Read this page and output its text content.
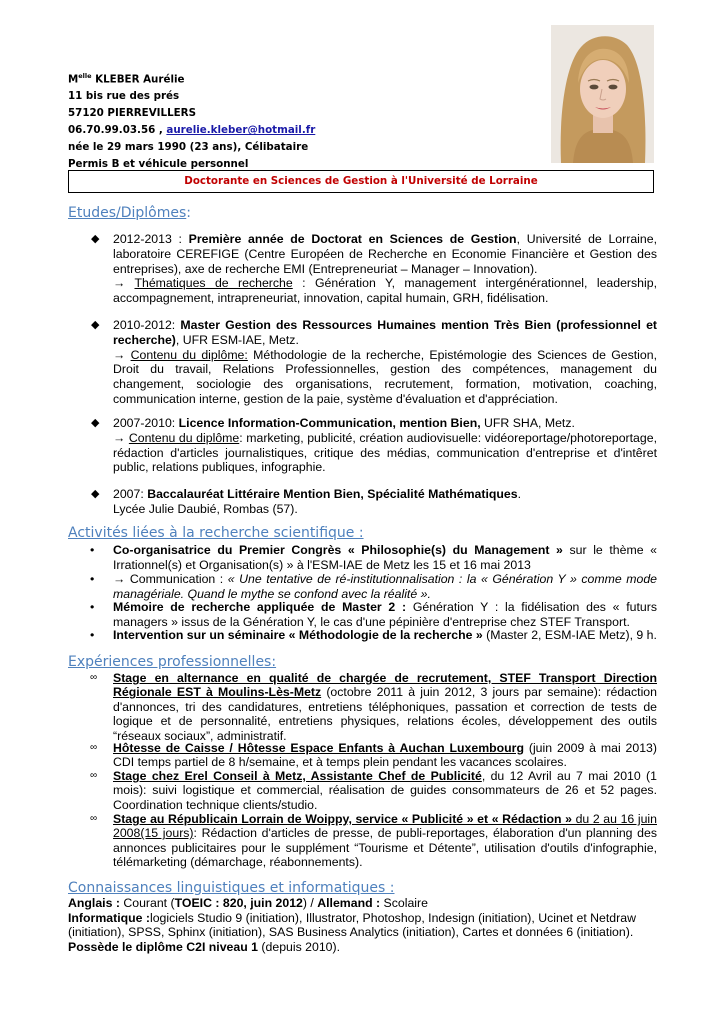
$M^{elle}$ KLEBER Aurélie
11 bis rue des prés
57120 PIERREVILLERS
06.70.99.03.56 , aurelie.kleber@hotmail.fr
née le 29 mars 1990 (23 ans), Célibataire
Permis B et véhicule personnel
Doctorante en Sciences de Gestion à l'Université de Lorraine
Etudes/Diplômes:
◆ 2012-2013 : Première année de Doctorat en Sciences de Gestion, Université de Lorraine, laboratoire CEREFIGE (Centre Européen de Recherche en Economie Financière et Gestion des entreprises), axe de recherche EMI (Entrepreneuriat – Manager – Innovation).
→ Thématiques de recherche : Génération Y, management intergénérationnel, leadership, accompagnement, intrapreneuriat, innovation, capital humain, GRH, fidélisation.
◆ 2010-2012: Master Gestion des Ressources Humaines mention Très Bien (professionnel et recherche), UFR ESM-IAE, Metz.
→ Contenu du diplôme: Méthodologie de la recherche, Epistémologie des Sciences de Gestion, Droit du travail, Relations Professionnelles, gestion des compétences, management du changement, sociologie des organisations, recrutement, formation, motivation, coaching, communication interne, gestion de la paie, système d'évaluation et d'appréciation.
◆ 2007-2010: Licence Information-Communication, mention Bien, UFR SHA, Metz.
→ Contenu du diplôme: marketing, publicité, création audiovisuelle: vidéoreportage/photoreportage, rédaction d'articles journalistiques, critique des médias, communication d'entreprise et d'intêret public, relations publiques, infographie.
◆ 2007: Baccalauréat Littéraire Mention Bien, Spécialité Mathématiques.
Lycée Julie Daubié, Rombas (57).
Activités liées à la recherche scientifique :
• Co-organisatrice du Premier Congrès « Philosophie(s) du Management » sur le thème « Irrationnel(s) et Organisation(s) » à l'ESM-IAE de Metz les 15 et 16 mai 2013
• → Communication : « Une tentative de ré-institutionnalisation : la « Génération Y » comme mode managériale. Quand le mythe se confond avec la réalité ».
• Mémoire de recherche appliquée de Master 2 : Génération Y : la fidélisation des « futurs managers » issus de la Génération Y, le cas d'une pépinière d'entreprise chez STEF Transport.
• Intervention sur un séminaire « Méthodologie de la recherche » (Master 2, ESM-IAE Metz), 9 h.
Expériences professionnelles:
∞ Stage en alternance en qualité de chargée de recrutement, STEF Transport Direction Régionale EST à Moulins-Lès-Metz (octobre 2011 à juin 2012, 3 jours par semaine): rédaction d'annonces, tri des candidatures, entretiens téléphoniques, passation et correction de tests de logique et de personnalité, entretiens physiques, relations écoles, développement des outils “réseaux sociaux”, administratif.
∞ Hôtesse de Caisse / Hôtesse Espace Enfants à Auchan Luxembourg (juin 2009 à mai 2013) CDI temps partiel de 8 h/semaine, et à temps plein pendant les vacances scolaires.
∞ Stage chez Erel Conseil à Metz, Assistante Chef de Publicité, du 12 Avril au 7 mai 2010 (1 mois): suivi logistique et commercial, réalisation de guides consommateurs de 26 et 52 pages. Coordination technique clients/studio.
∞ Stage au Républicain Lorrain de Woippy, service « Publicité » et « Rédaction » du 2 au 16 juin 2008(15 jours): Rédaction d'articles de presse, de publi-reportages, élaboration d'un planning des annonces publicitaires pour le supplément “Tourisme et Détente”, utilisation d'outils d'infographie, télémarketing (démarchage, réabonnements).
Connaissances linguistiques et informatiques :
Anglais : Courant (TOEIC : 820, juin 2012) / Allemand : Scolaire
Informatique :logiciels Studio 9 (initiation), Illustrator, Photoshop, Indesign (initiation), Ucinet et Netdraw (initiation), SPSS, Sphinx (initiation), SAS Business Analytics (initiation), Cartes et données 6 (initiation).
Possède le diplôme C2I niveau 1 (depuis 2010).
